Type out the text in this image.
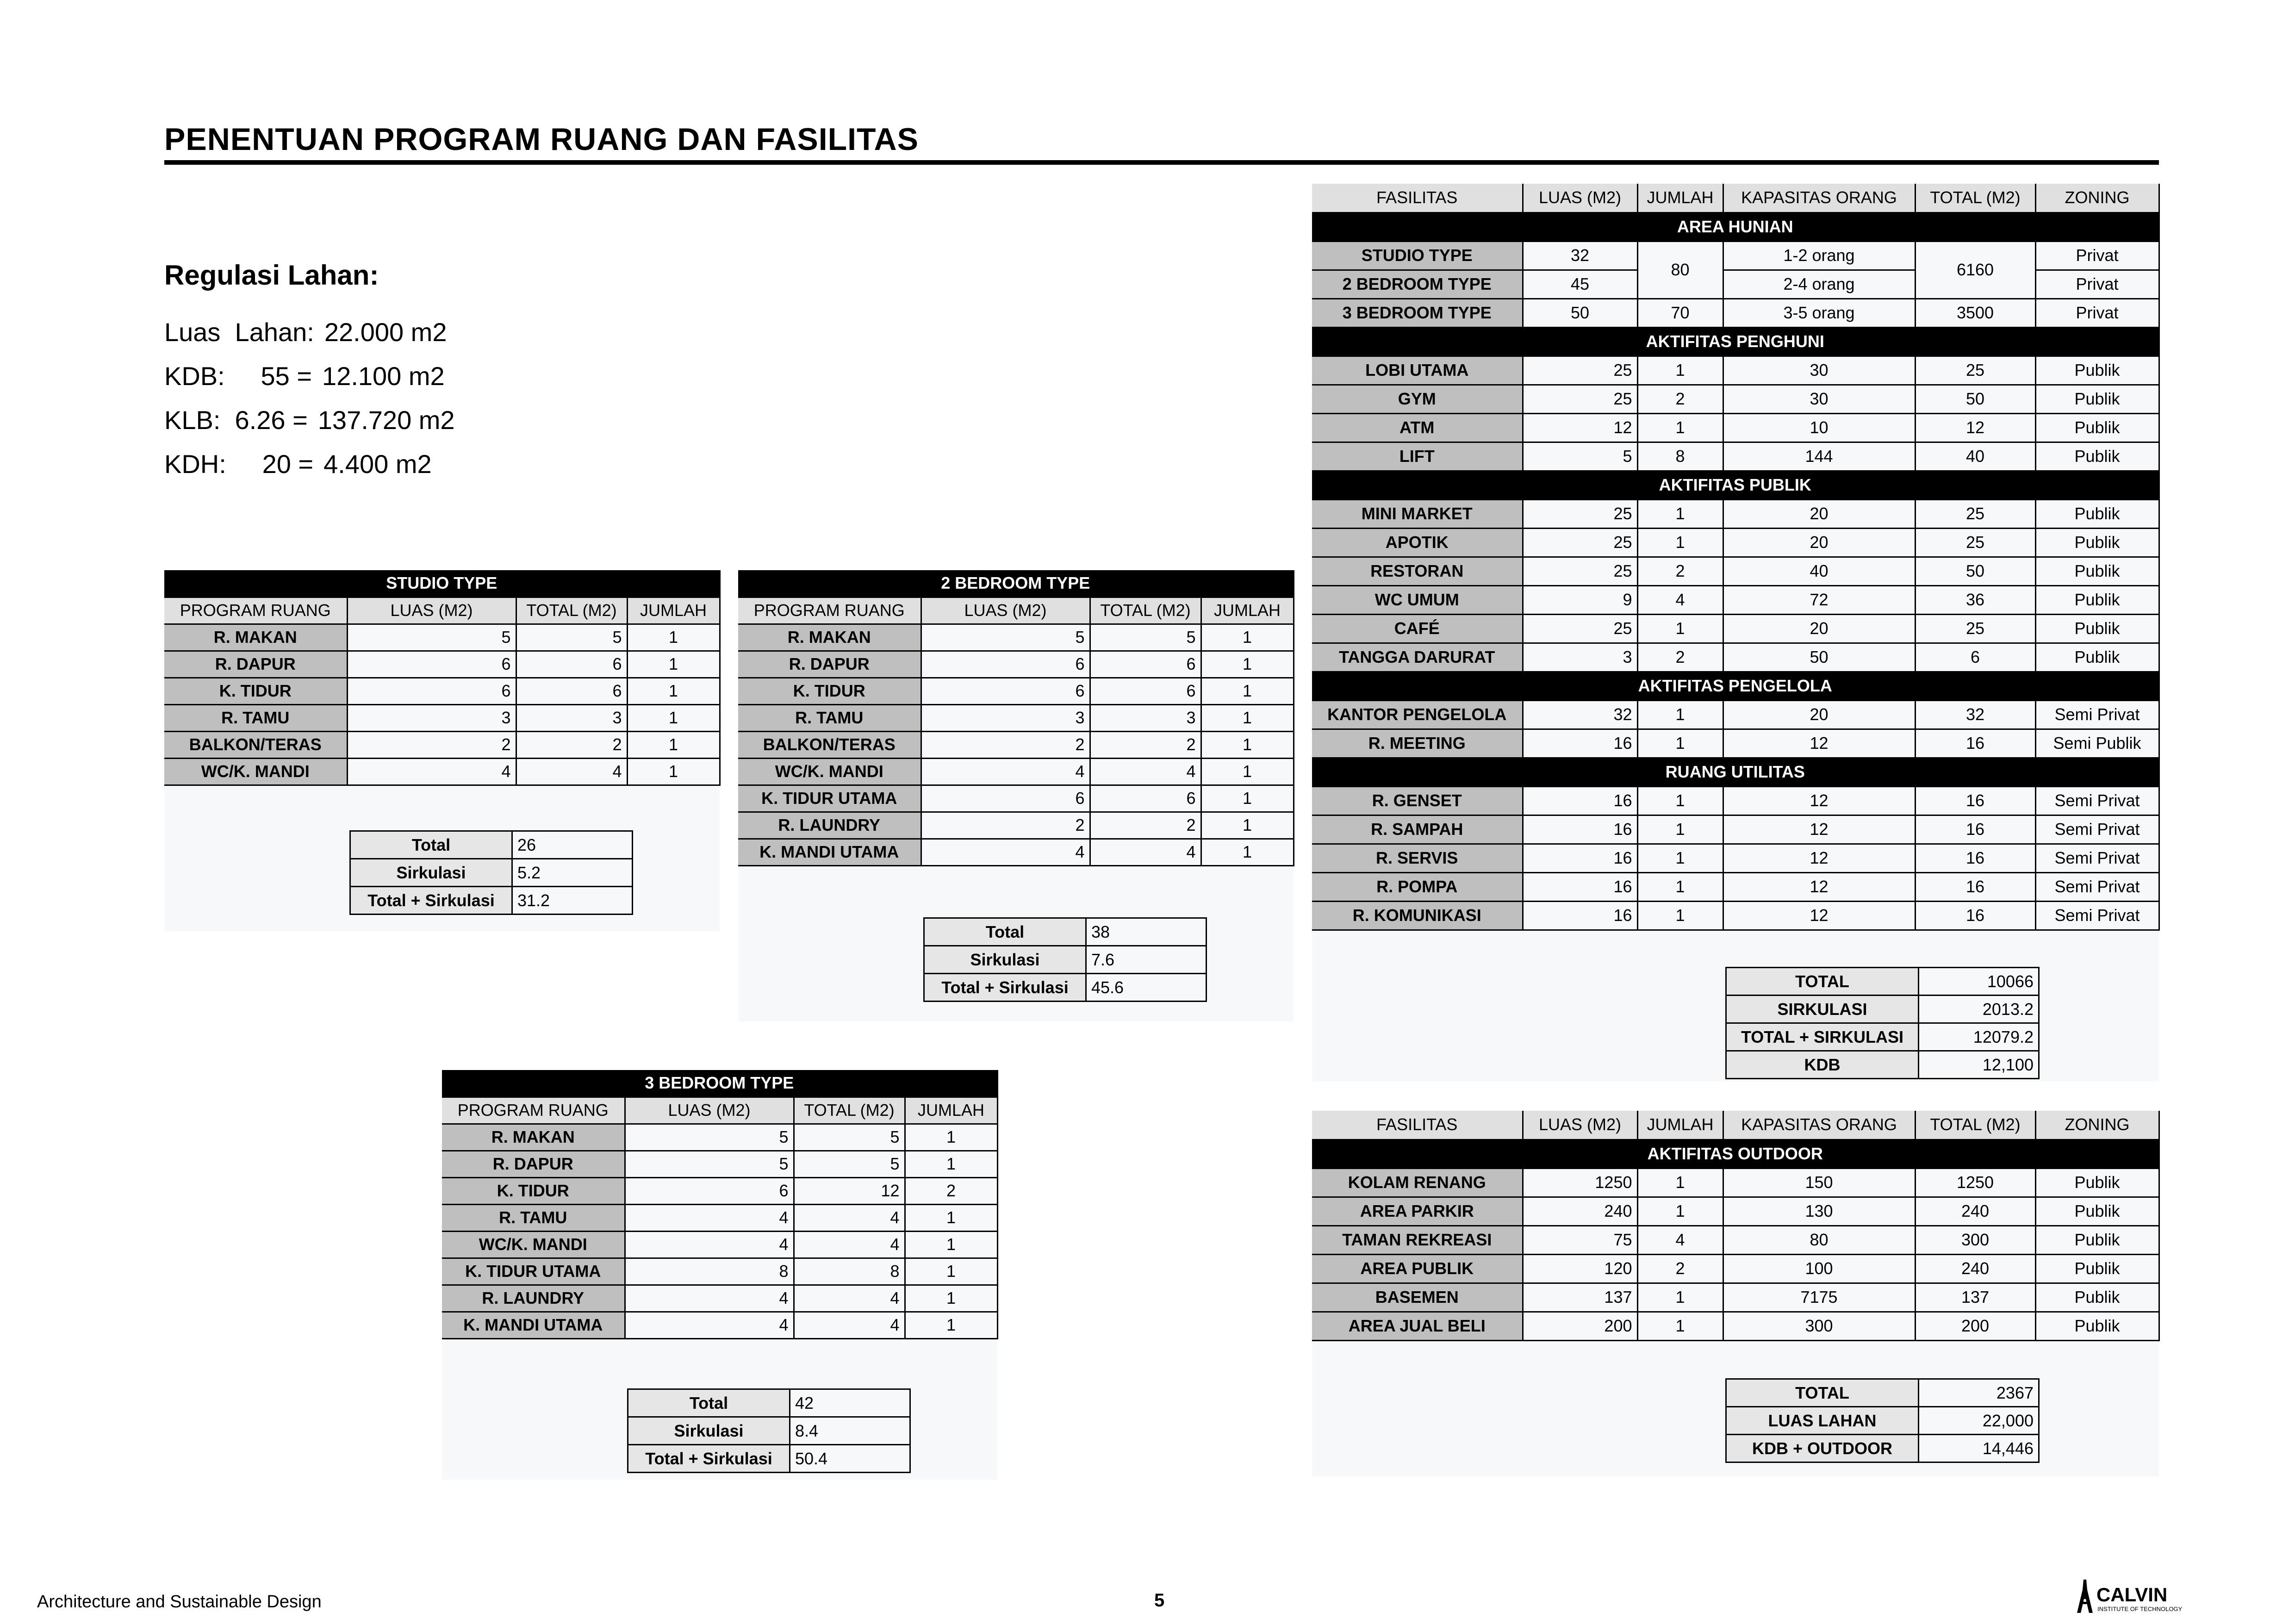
PENENTUAN PROGRAM RUANG DAN FASILITAS
Regulasi Lahan:
Luas  Lahan: 22.000 m2
KDB:     55 = 12.100 m2
KLB:  6.26 = 137.720 m2
KDH:     20 = 4.400 m2
STUDIO TYPE			
PROGRAM RUANG	LUAS (M2)	TOTAL (M2)	JUMLAH
R. MAKAN	5	5	1
R. DAPUR	6	6	1
K. TIDUR	6	6	1
R. TAMU	3	3	1
BALKON/TERAS	2	2	1
WC/K. MANDI	4	4	1
Total	26
Sirkulasi	5.2
Total + Sirkulasi	31.2
2 BEDROOM TYPE			
PROGRAM RUANG	LUAS (M2)	TOTAL (M2)	JUMLAH
R. MAKAN	5	5	1
R. DAPUR	6	6	1
K. TIDUR	6	6	1
R. TAMU	3	3	1
BALKON/TERAS	2	2	1
WC/K. MANDI	4	4	1
K. TIDUR UTAMA	6	6	1
R. LAUNDRY	2	2	1
K. MANDI UTAMA	4	4	1
Total	38
Sirkulasi	7.6
Total + Sirkulasi	45.6
3 BEDROOM TYPE			
PROGRAM RUANG	LUAS (M2)	TOTAL (M2)	JUMLAH
R. MAKAN	5	5	1
R. DAPUR	5	5	1
K. TIDUR	6	12	2
R. TAMU	4	4	1
WC/K. MANDI	4	4	1
K. TIDUR UTAMA	8	8	1
R. LAUNDRY	4	4	1
K. MANDI UTAMA	4	4	1
Total	42
Sirkulasi	8.4
Total + Sirkulasi	50.4
FASILITAS	LUAS (M2)	JUMLAH	KAPASITAS ORANG	TOTAL (M2)	ZONING
AREA HUNIAN					
STUDIO TYPE	32	80	1-2 orang	6160	Privat
2 BEDROOM TYPE	45		2-4 orang		Privat
3 BEDROOM TYPE	50	70	3-5 orang	3500	Privat
AKTIFITAS PENGHUNI					
LOBI UTAMA	25	1	30	25	Publik
GYM	25	2	30	50	Publik
ATM	12	1	10	12	Publik
LIFT	5	8	144	40	Publik
AKTIFITAS PUBLIK					
MINI MARKET	25	1	20	25	Publik
APOTIK	25	1	20	25	Publik
RESTORAN	25	2	40	50	Publik
WC UMUM	9	4	72	36	Publik
CAFÉ	25	1	20	25	Publik
TANGGA DARURAT	3	2	50	6	Publik
AKTIFITAS PENGELOLA					
KANTOR PENGELOLA	32	1	20	32	Semi Privat
R. MEETING	16	1	12	16	Semi Publik
RUANG UTILITAS					
R. GENSET	16	1	12	16	Semi Privat
R. SAMPAH	16	1	12	16	Semi Privat
R. SERVIS	16	1	12	16	Semi Privat
R. POMPA	16	1	12	16	Semi Privat
R. KOMUNIKASI	16	1	12	16	Semi Privat
TOTAL	10066
SIRKULASI	2013.2
TOTAL + SIRKULASI	12079.2
KDB	12,100
FASILITAS	LUAS (M2)	JUMLAH	KAPASITAS ORANG	TOTAL (M2)	ZONING
AKTIFITAS OUTDOOR					
KOLAM RENANG	1250	1	150	1250	Publik
AREA PARKIR	240	1	130	240	Publik
TAMAN REKREASI	75	4	80	300	Publik
AREA PUBLIK	120	2	100	240	Publik
BASEMEN	137	1	7175	137	Publik
AREA JUAL BELI	200	1	300	200	Publik
TOTAL	2367
LUAS LAHAN	22,000
KDB + OUTDOOR	14,446
Architecture and Sustainable Design	5	CALVIN
INSTITUTE OF TECHNOLOGY
